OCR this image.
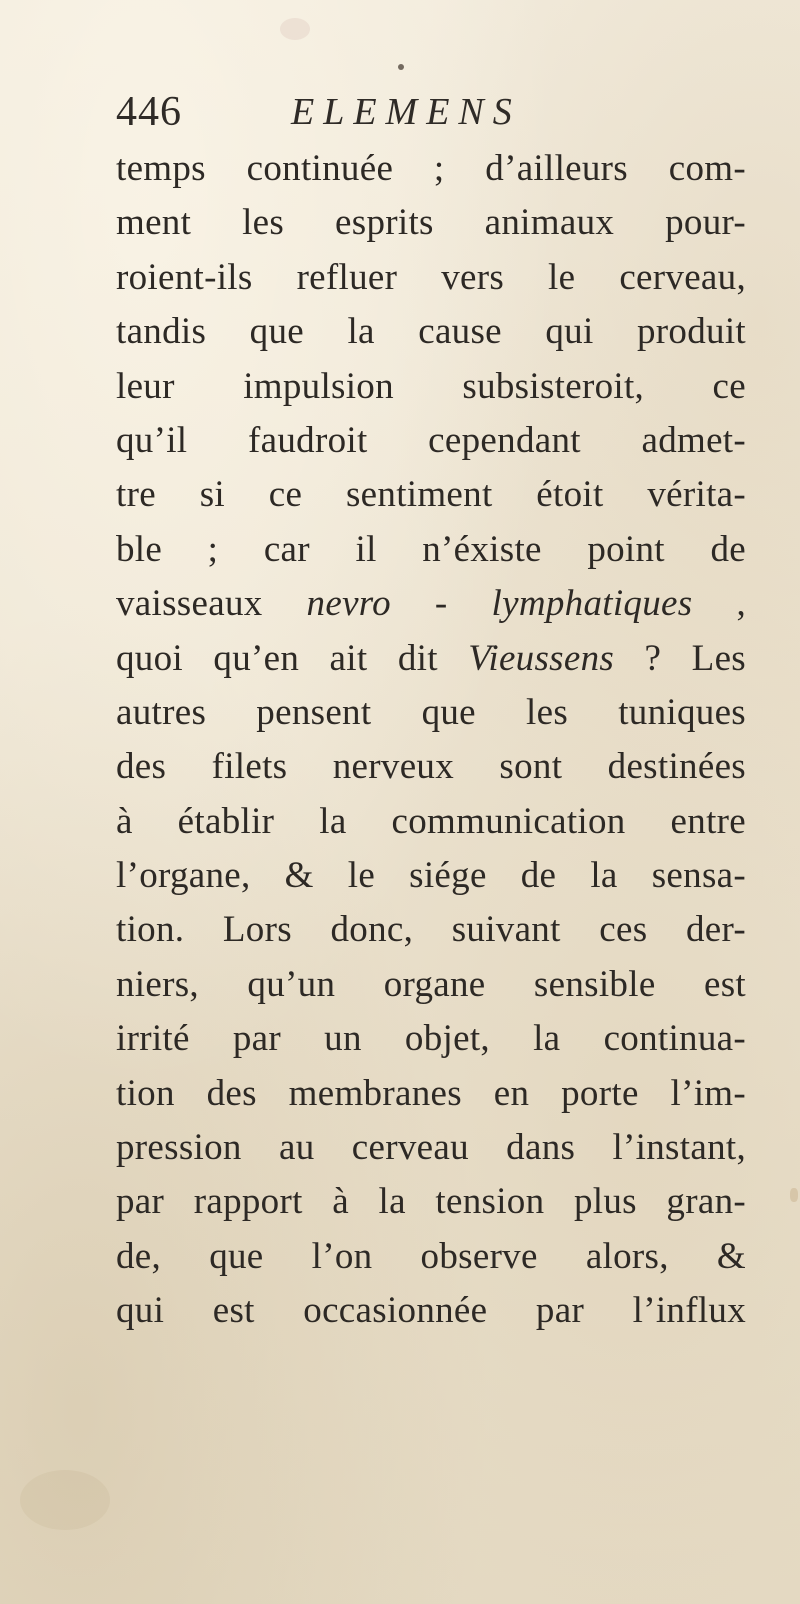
446	ELEMENS
temps continuée ; d’ailleurs com-
ment les esprits animaux pour-
roient-ils refluer vers le cerveau,
tandis que la cause qui produit
leur impulsion subsisteroit, ce
qu’il faudroit cependant admet-
tre si ce sentiment étoit vérita-
ble ; car il n’éxiste point de
vaisseaux nevro - lymphatiques ,
quoi qu’en ait dit Vieussens ? Les
autres pensent que les tuniques
des filets nerveux sont destinées
à établir la communication entre
l’organe, & le siége de la sensa-
tion. Lors donc, suivant ces der-
niers, qu’un organe sensible est
irrité par un objet, la continua-
tion des membranes en porte l’im-
pression au cerveau dans l’instant,
par rapport à la tension plus gran-
de, que l’on observe alors, &
qui est occasionnée par l’influx
